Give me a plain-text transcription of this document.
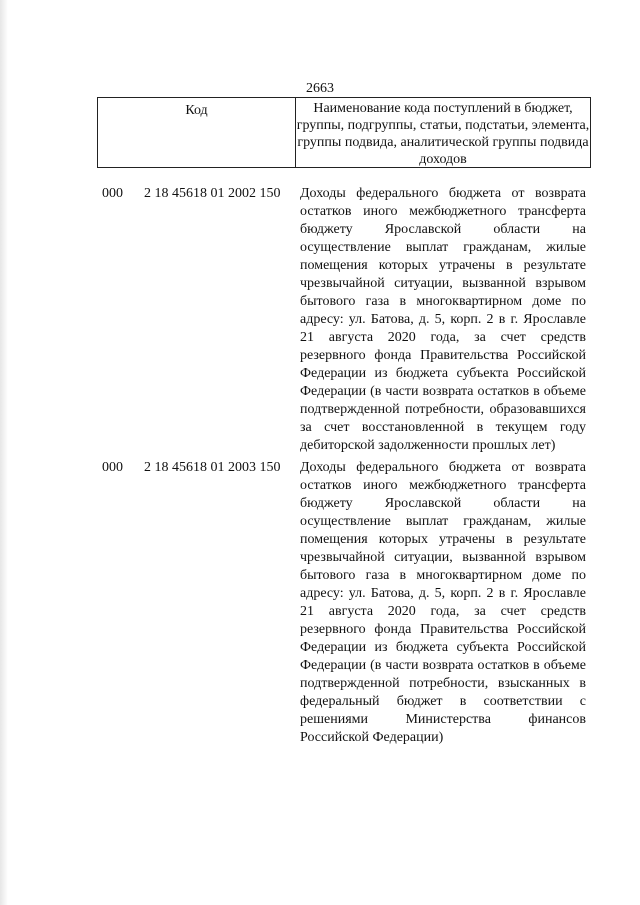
2663
Код	Наименование кода поступлений в бюджет, группы, подгруппы, статьи, подстатьи, элемента, группы подвида, аналитической группы подвида доходов
000 2 18 45618 01 2002 150 Доходы федерального бюджета от возврата остатков иного межбюджетного трансферта бюджету Ярославской области на осуществление выплат гражданам, жилые помещения которых утрачены в результате чрезвычайной ситуации, вызванной взрывом бытового газа в многоквартирном доме по адресу: ул. Батова, д. 5, корп. 2 в г. Ярославле 21 августа 2020 года, за счет средств резервного фонда Правительства Российской Федерации из бюджета субъекта Российской Федерации (в части возврата остатков в объеме подтвержденной потребности, образовавшихся за счет восстановленной в текущем году дебиторской задолженности прошлых лет)

000 2 18 45618 01 2003 150 Доходы федерального бюджета от возврата остатков иного межбюджетного трансферта бюджету Ярославской области на осуществление выплат гражданам, жилые помещения которых утрачены в результате чрезвычайной ситуации, вызванной взрывом бытового газа в многоквартирном доме по адресу: ул. Батова, д. 5, корп. 2 в г. Ярославле 21 августа 2020 года, за счет средств резервного фонда Правительства Российской Федерации из бюджета субъекта Российской Федерации (в части возврата остатков в объеме подтвержденной потребности, взысканных в федеральный бюджет в соответствии с решениями Министерства финансов Российской Федерации)
